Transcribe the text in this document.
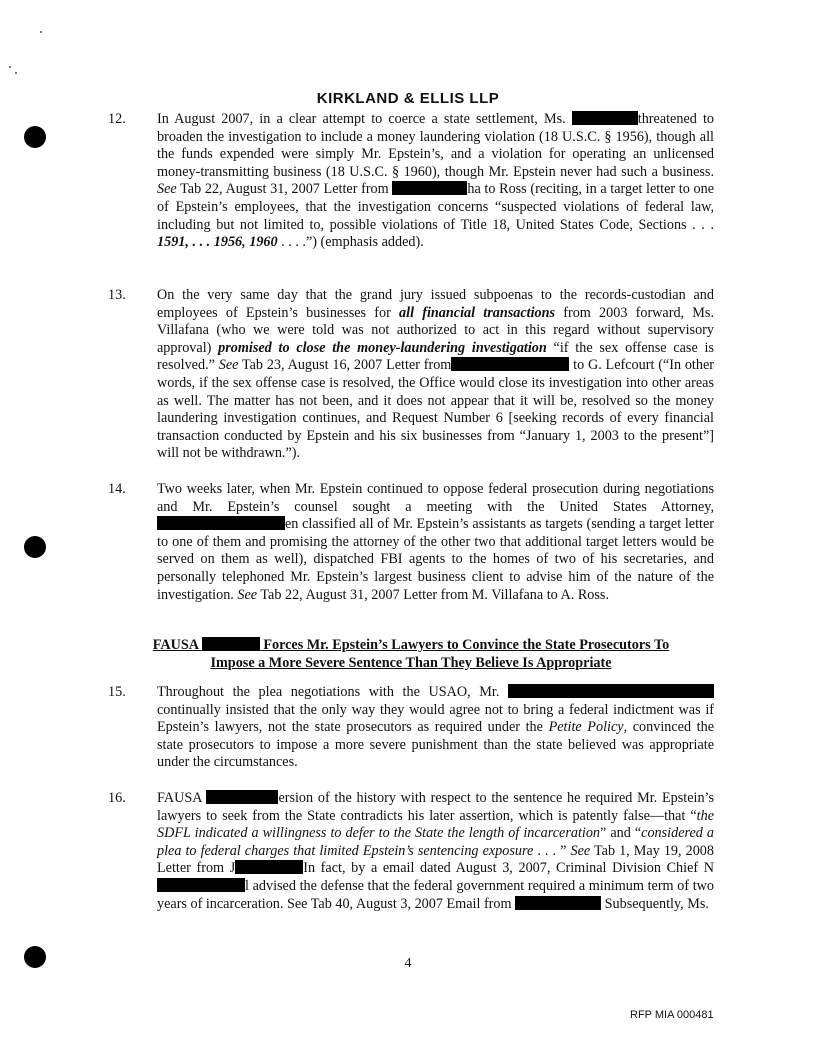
KIRKLAND & ELLIS LLP
12.	In August 2007, in a clear attempt to coerce a state settlement, Ms.	threatened to broaden the investigation to include a money laundering violation (18 U.S.C. § 1956), though all the funds expended were simply Mr. Epstein’s, and a violation for operating an unlicensed money-transmitting business (18 U.S.C. § 1960), though Mr. Epstein never had such a business. See Tab 22, August 31, 2007 Letter from	ha to Ross (reciting, in a target letter to one of Epstein’s employees, that the investigation concerns “suspected violations of federal law, including but not limited to, possible violations of Title 18, United States Code, Sections . . . 1591, . . . 1956, 1960 . . . .”) (emphasis added).
13.	On the very same day that the grand jury issued subpoenas to the records-custodian and employees of Epstein’s businesses for all financial transactions from 2003 forward, Ms. Villafana (who we were told was not authorized to act in this regard without supervisory approval) promised to close the money-laundering investigation “if the sex offense case is resolved.” See Tab 23, August 16, 2007 Letter from	to G. Lefcourt (“In other words, if the sex offense case is resolved, the Office would close its investigation into other areas as well. The matter has not been, and it does not appear that it will be, resolved so the money laundering investigation continues, and Request Number 6 [seeking records of every financial transaction conducted by Epstein and his six businesses from “January 1, 2003 to the present”] will not be withdrawn.”).
14.	Two weeks later, when Mr. Epstein continued to oppose federal prosecution during negotiations and Mr. Epstein’s counsel sought a meeting with the United States Attorney, en classified all of Mr. Epstein’s assistants as targets (sending a target letter to one of them and promising the attorney of the other two that additional target letters would be served on them as well), dispatched FBI agents to the homes of two of his secretaries, and personally telephoned Mr. Epstein’s largest business client to advise him of the nature of the investigation. See Tab 22, August 31, 2007 Letter from M. Villafana to A. Ross.
FAUSA	Forces Mr. Epstein’s Lawyers to Convince the State Prosecutors To
Impose a More Severe Sentence Than They Believe Is Appropriate
15.	Throughout the plea negotiations with the USAO, Mr.  continually insisted that the only way they would agree not to bring a federal indictment was if Epstein’s lawyers, not the state prosecutors as required under the Petite Policy, convinced the state prosecutors to impose a more severe punishment than the state believed was appropriate under the circumstances.
16.	FAUSA	ersion of the history with respect to the sentence he required Mr. Epstein’s lawyers to seek from the State contradicts his later assertion, which is patently false—that “the SDFL indicated a willingness to defer to the State the length of incarceration” and “considered a plea to federal charges that limited Epstein’s sentencing exposure . . . ” See Tab 1, May 19, 2008 Letter from J	In fact, by a email dated August 3, 2007, Criminal Division Chief Nl advised the defense that the federal government required a minimum term of two years of incarceration. See Tab 40, August 3, 2007 Email from	Subsequently, Ms.
4
RFP MIA 000481
